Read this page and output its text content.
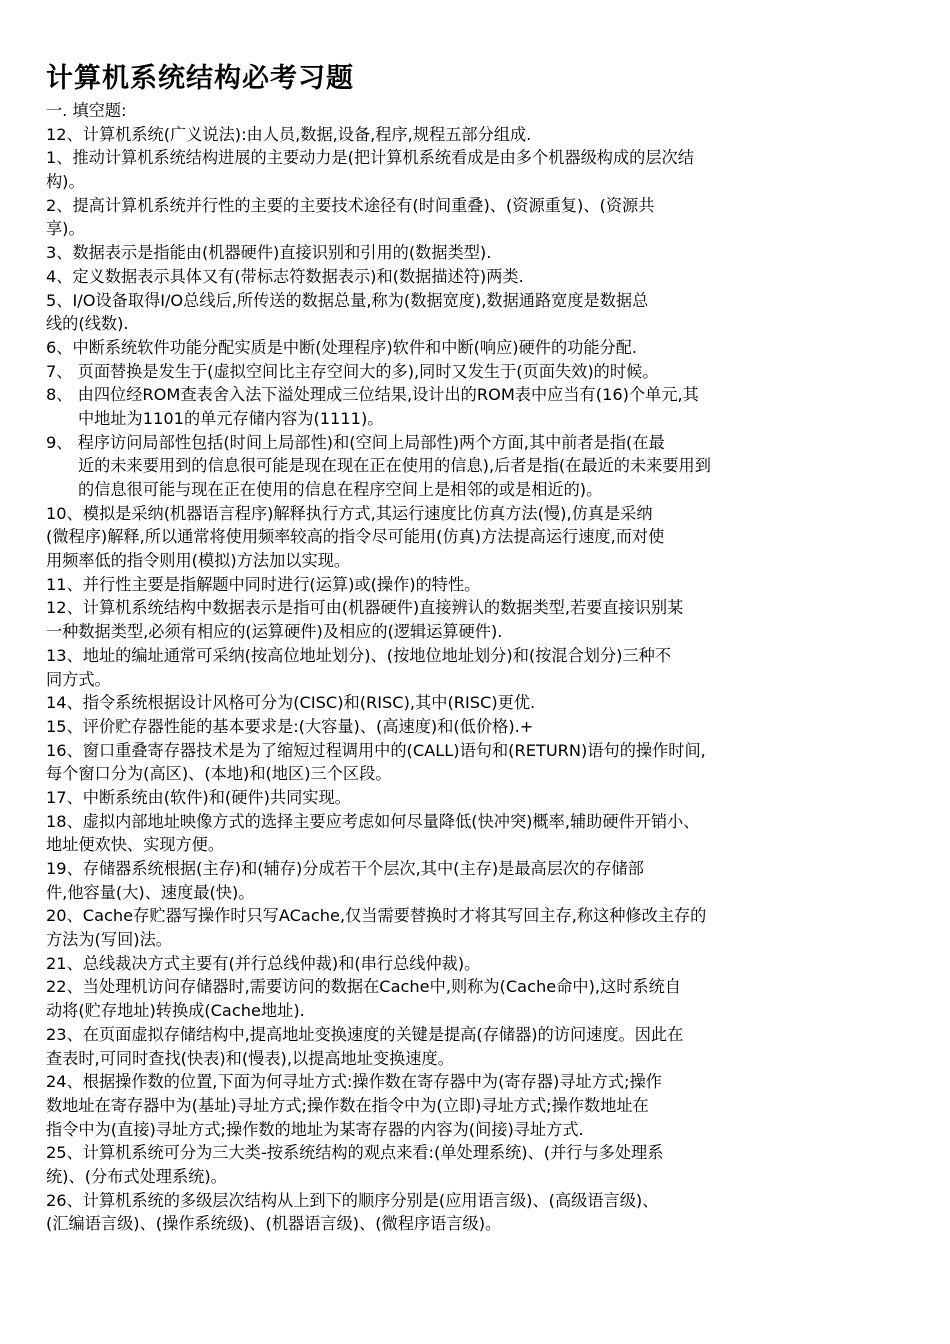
计算机系统结构必考习题
一. 填空题:
12、计算机系统(广义说法):由人员,数据,设备,程序,规程五部分组成.
1、推动计算机系统结构进展的主要动力是(把计算机系统看成是由多个机器级构成的层次结
构)。
2、提高计算机系统并行性的主要的主要技术途径有(时间重叠)、(资源重复)、(资源共
享)。
3、数据表示是指能由(机器硬件)直接识别和引用的(数据类型).
4、定义数据表示具体又有(带标志符数据表示)和(数据描述符)两类.
5、I/O设备取得I/O总线后,所传送的数据总量,称为(数据宽度),数据通路宽度是数据总
线的(线数).
6、中断系统软件功能分配实质是中断(处理程序)软件和中断(响应)硬件的功能分配.
7、 页面替换是发生于(虚拟空间比主存空间大的多),同时又发生于(页面失效)的时候。
8、 由四位经ROM查表舍入法下溢处理成三位结果,设计出的ROM表中应当有(16)个单元,其
中地址为1101的单元存储内容为(1111)。
9、 程序访问局部性包括(时间上局部性)和(空间上局部性)两个方面,其中前者是指(在最
近的未来要用到的信息很可能是现在现在正在使用的信息),后者是指(在最近的未来要用到
的信息很可能与现在正在使用的信息在程序空间上是相邻的或是相近的)。
10、模拟是采纳(机器语言程序)解释执行方式,其运行速度比仿真方法(慢),仿真是采纳
(微程序)解释,所以通常将使用频率较高的指令尽可能用(仿真)方法提高运行速度,而对使
用频率低的指令则用(模拟)方法加以实现。
11、并行性主要是指解题中同时进行(运算)或(操作)的特性。
12、计算机系统结构中数据表示是指可由(机器硬件)直接辨认的数据类型,若要直接识别某
一种数据类型,必须有相应的(运算硬件)及相应的(逻辑运算硬件).
13、地址的编址通常可采纳(按高位地址划分)、(按地位地址划分)和(按混合划分)三种不
同方式。
14、指令系统根据设计风格可分为(CISC)和(RISC),其中(RISC)更优.
15、评价贮存器性能的基本要求是:(大容量)、(高速度)和(低价格).+
16、窗口重叠寄存器技术是为了缩短过程调用中的(CALL)语句和(RETURN)语句的操作时间,
每个窗口分为(高区)、(本地)和(地区)三个区段。
17、中断系统由(软件)和(硬件)共同实现。
18、虚拟内部地址映像方式的选择主要应考虑如何尽量降低(快冲突)概率,辅助硬件开销小、
地址便欢快、实现方便。
19、存储器系统根据(主存)和(辅存)分成若干个层次,其中(主存)是最高层次的存储部
件,他容量(大)、速度最(快)。
20、Cache存贮器写操作时只写ACache,仅当需要替换时才将其写回主存,称这种修改主存的
方法为(写回)法。
21、总线裁决方式主要有(并行总线仲裁)和(串行总线仲裁)。
22、当处理机访问存储器时,需要访问的数据在Cache中,则称为(Cache命中),这时系统自
动将(贮存地址)转换成(Cache地址).
23、在页面虚拟存储结构中,提高地址变换速度的关键是提高(存储器)的访问速度。因此在
查表时,可同时查找(快表)和(慢表),以提高地址变换速度。
24、根据操作数的位置,下面为何寻址方式:操作数在寄存器中为(寄存器)寻址方式;操作
数地址在寄存器中为(基址)寻址方式;操作数在指令中为(立即)寻址方式;操作数地址在
指令中为(直接)寻址方式;操作数的地址为某寄存器的内容为(间接)寻址方式.
25、计算机系统可分为三大类-按系统结构的观点来看:(单处理系统)、(并行与多处理系
统)、(分布式处理系统)。
26、计算机系统的多级层次结构从上到下的顺序分别是(应用语言级)、(高级语言级)、
(汇编语言级)、(操作系统级)、(机器语言级)、(微程序语言级)。
